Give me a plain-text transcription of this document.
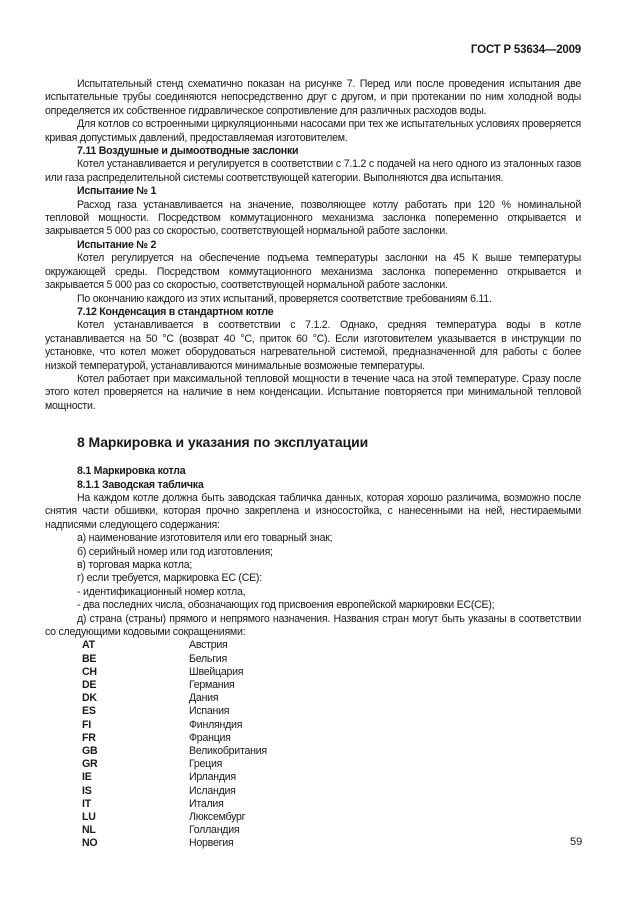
ГОСТ Р 53634—2009

Испытательный стенд схематично показан на рисунке 7. Перед или после проведения испытания две испытательные трубы соединяются непосредственно друг с другом, и при протекании по ним холодной воды определяется их собственное гидравлическое сопротивление для различных расходов воды.

Для котлов со встроенными циркуляционными насосами при тех же испытательных условиях проверяется кривая допустимых давлений, предоставляемая изготовителем.

7.11 Воздушные и дымоотводные заслонки

Котел устанавливается и регулируется в соответствии с 7.1.2 с подачей на него одного из эталонных газов или газа распределительной системы соответствующей категории. Выполняются два испытания.

Испытание № 1

Расход газа устанавливается на значение, позволяющее котлу работать при 120 % номинальной тепловой мощности. Посредством коммутационного механизма заслонка попеременно открывается и закрывается 5 000 раз со скоростью, соответствующей нормальной работе заслонки.

Испытание № 2

Котел регулируется на обеспечение подъема температуры заслонки на 45 К выше температуры окружающей среды. Посредством коммутационного механизма заслонка попеременно открывается и закрывается 5 000 раз со скоростью, соответствующей нормальной работе заслонки.

По окончанию каждого из этих испытаний, проверяется соответствие требованиям 6.11.

7.12 Конденсация в стандартном котле

Котел устанавливается в соответствии с 7.1.2. Однако, средняя температура воды в котле устанавливается на 50 °С (возврат 40 °С, приток 60 °С). Если изготовителем указывается в инструкции по установке, что котел может оборудоваться нагревательной системой, предназначенной для работы с более низкой температурой, устанавливаются минимальные возможные температуры.

Котел работает при максимальной тепловой мощности в течение часа на этой температуре. Сразу после этого котел проверяется на наличие в нем конденсации. Испытание повторяется при минимальной тепловой мощности.

8 Маркировка и указания по эксплуатации

8.1 Маркировка котла

8.1.1 Заводская табличка

На каждом котле должна быть заводская табличка данных, которая хорошо различима, возможно после снятия части обшивки, которая прочно закреплена и износостойка, с нанесенными на ней, нестираемыми надписями следующего содержания:

а) наименование изготовителя или его товарный знак;

б) серийный номер или год изготовления;

в) торговая марка котла;

г) если требуется, маркировка ЕС (СЕ):

- идентификационный номер котла,

- два последних числа, обозначающих год присвоения европейской маркировки ЕС(СЕ);

д) страна (страны) прямого и непрямого назначения. Названия стран могут быть указаны в соответствии со следующими кодовыми сокращениями:

AT	Австрия
BE	Бельгия
CH	Швейцария
DE	Германия
DK	Дания
ES	Испания
FI	Финляндия
FR	Франция
GB	Великобритания
GR	Греция
IE	Ирландия
IS	Исландия
IT	Италия
LU	Люксембург
NL	Голландия
NO	Норвегия	59
